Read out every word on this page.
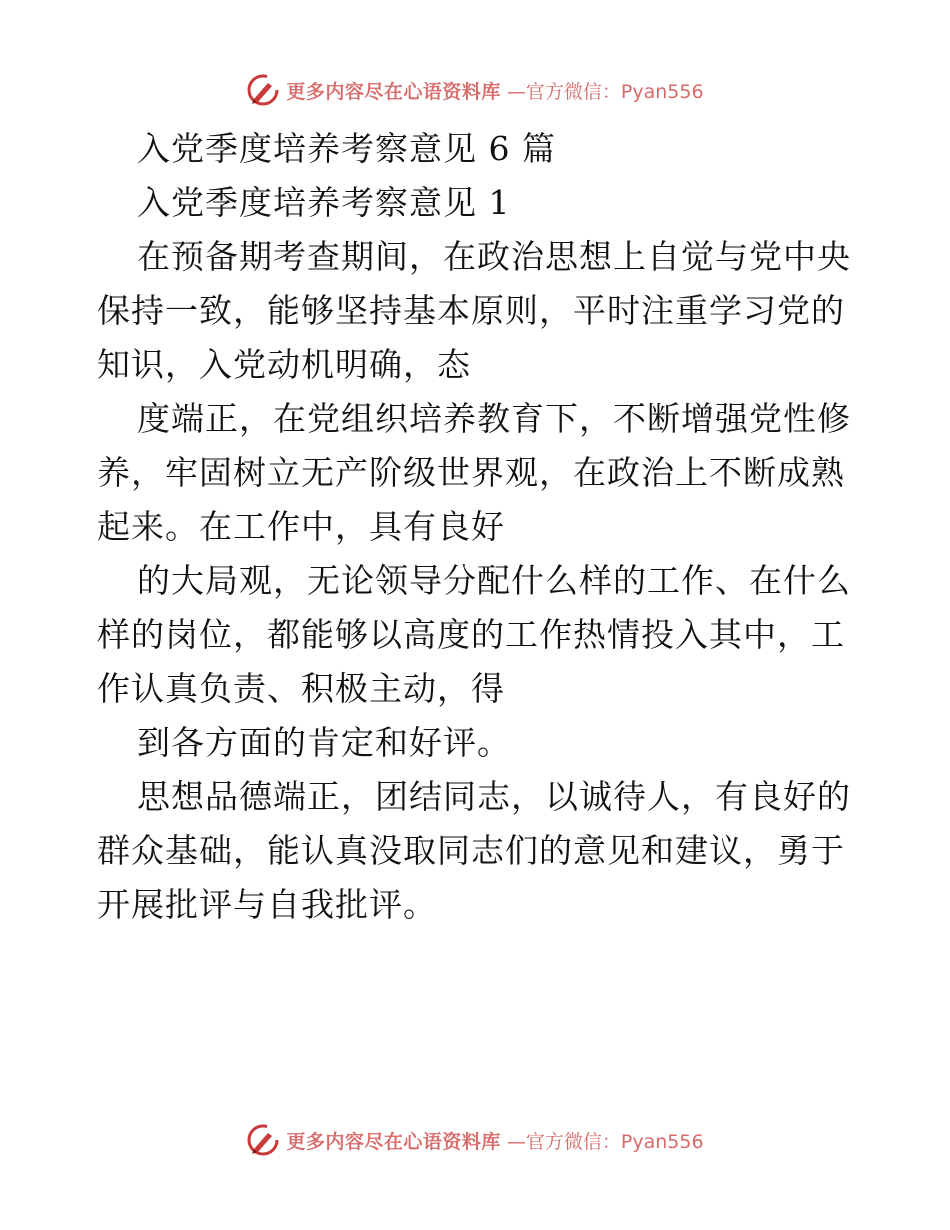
更多内容尽在心语资料库 —官方微信：Pyan556

入党季度培养考察意见 6 篇

入党季度培养考察意见 1

在预备期考查期间，在政治思想上自觉与党中央保持一致，能够坚持基本原则，平时注重学习党的知识，入党动机明确，态

度端正，在党组织培养教育下，不断增强党性修养，牢固树立无产阶级世界观，在政治上不断成熟起来。在工作中，具有良好

的大局观，无论领导分配什么样的工作、在什么样的岗位，都能够以高度的工作热情投入其中，工作认真负责、积极主动，得

到各方面的肯定和好评。

思想品德端正，团结同志，以诚待人，有良好的群众基础，能认真没取同志们的意见和建议，勇于开展批评与自我批评。

更多内容尽在心语资料库 —官方微信：Pyan556
